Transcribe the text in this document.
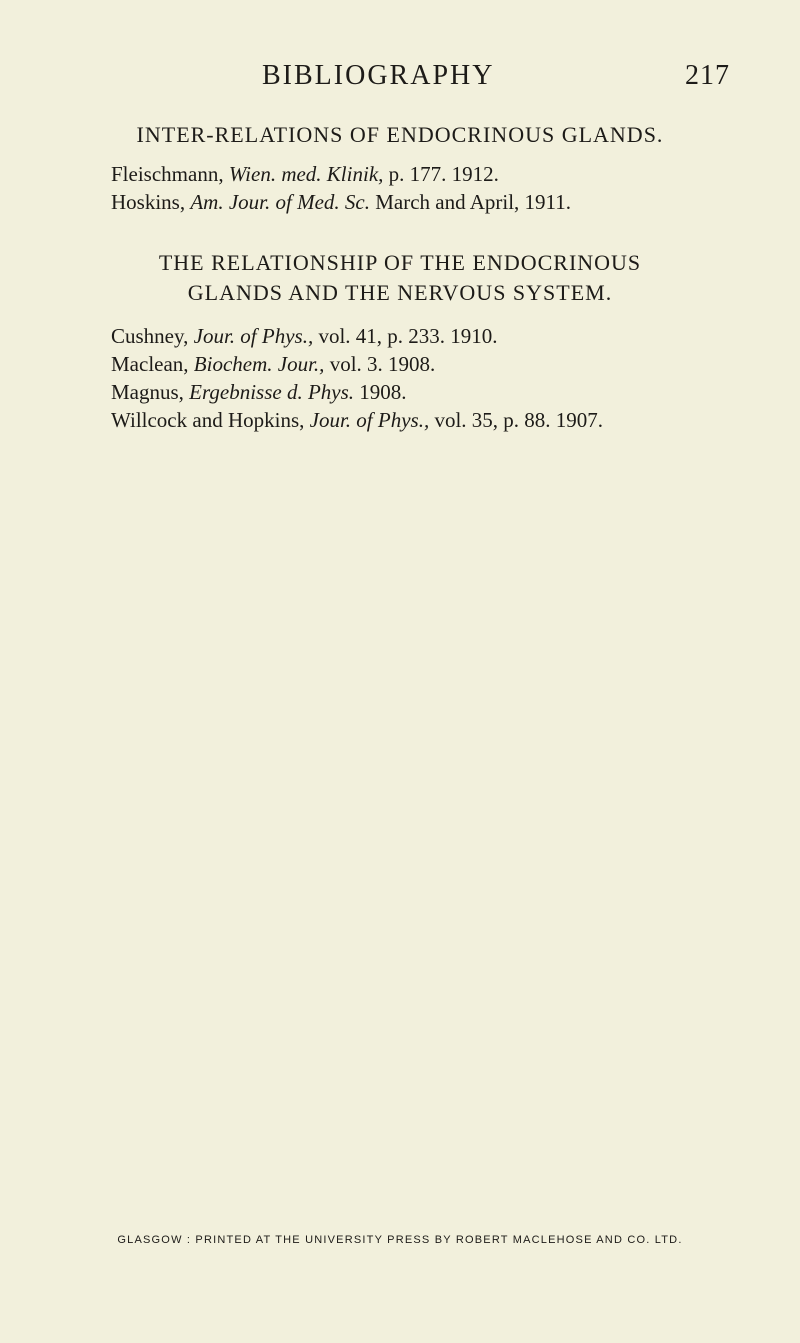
BIBLIOGRAPHY	217
INTER-RELATIONS OF ENDOCRINOUS GLANDS.
Fleischmann, Wien. med. Klinik, p. 177. 1912.
Hoskins, Am. Jour. of Med. Sc. March and April, 1911.
THE RELATIONSHIP OF THE ENDOCRINOUS
GLANDS AND THE NERVOUS SYSTEM.
Cushney, Jour. of Phys., vol. 41, p. 233. 1910.
Maclean, Biochem. Jour., vol. 3. 1908.
Magnus, Ergebnisse d. Phys. 1908.
Willcock and Hopkins, Jour. of Phys., vol. 35, p. 88. 1907.
GLASGOW : PRINTED AT THE UNIVERSITY PRESS BY ROBERT MACLEHOSE AND CO. LTD.
